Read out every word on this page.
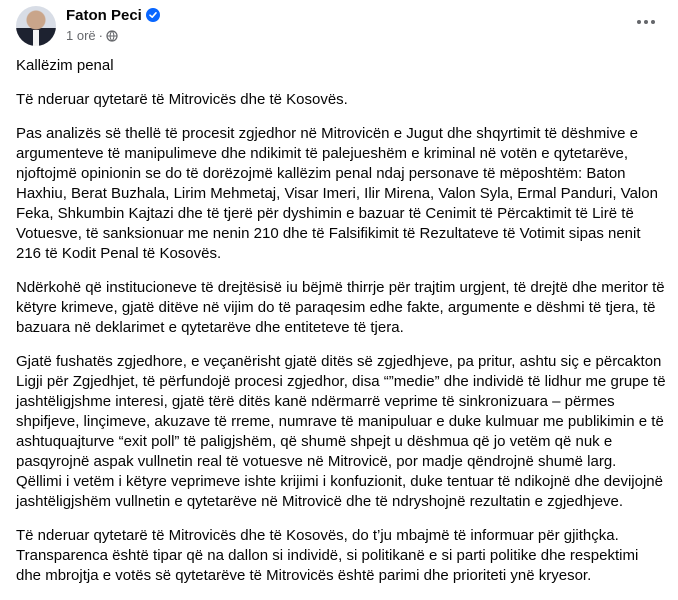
Faton Peci
1 orë ·

Kallëzim penal

Të nderuar qytetarë të Mitrovicës dhe të Kosovës.

Pas analizës së thellë të procesit zgjedhor në Mitrovicën e Jugut dhe shqyrtimit të dëshmive e argumenteve të manipulimeve dhe ndikimit të palejueshëm e kriminal në votën e qytetarëve, njoftojmë opinionin se do të dorëzojmë kallëzim penal ndaj personave të mëposhtëm: Baton Haxhiu, Berat Buzhala, Lirim Mehmetaj, Visar Imeri, Ilir Mirena, Valon Syla, Ermal Panduri, Valon Feka, Shkumbin Kajtazi dhe të tjerë për dyshimin e bazuar të Cenimit të Përcaktimit të Lirë të Votuesve, të sanksionuar me nenin 210 dhe të Falsifikimit të Rezultateve të Votimit sipas nenit 216 të Kodit Penal të Kosovës.

Ndërkohë që institucioneve të drejtësisë iu bëjmë thirrje për trajtim urgjent, të drejtë dhe meritor të këtyre krimeve, gjatë ditëve në vijim do të paraqesim edhe fakte, argumente e dëshmi të tjera, të bazuara në deklarimet e qytetarëve dhe entiteteve të tjera.

Gjatë fushatës zgjedhore, e veçanërisht gjatë ditës së zgjedhjeve, pa pritur, ashtu siç e përcakton Ligji për Zgjedhjet, të përfundojë procesi zgjedhor, disa “”medie” dhe individë të lidhur me grupe të jashtëligjshme interesi, gjatë tërë ditës kanë ndërmarrë veprime të sinkronizuara – përmes shpifjeve, linçimeve, akuzave të rreme, numrave të manipuluar e duke kulmuar me publikimin e të ashtuquajturve “exit poll” të paligjshëm, që shumë shpejt u dëshmua që jo vetëm që nuk e pasqyrojnë aspak vullnetin real të votuesve në Mitrovicë, por madje qëndrojnë shumë larg. Qëllimi i vetëm i këtyre veprimeve ishte krijimi i konfuzionit, duke tentuar të ndikojnë dhe devijojnë jashtëligjshëm vullnetin e qytetarëve në Mitrovicë dhe të ndryshojnë rezultatin e zgjedhjeve.

Të nderuar qytetarë të Mitrovicës dhe të Kosovës, do t’ju mbajmë të informuar për gjithçka. Transparenca është tipar që na dallon si individë, si politikanë e si parti politike dhe respektimi dhe mbrojtja e votës së qytetarëve të Mitrovicës është parimi dhe prioriteti ynë kryesor.
